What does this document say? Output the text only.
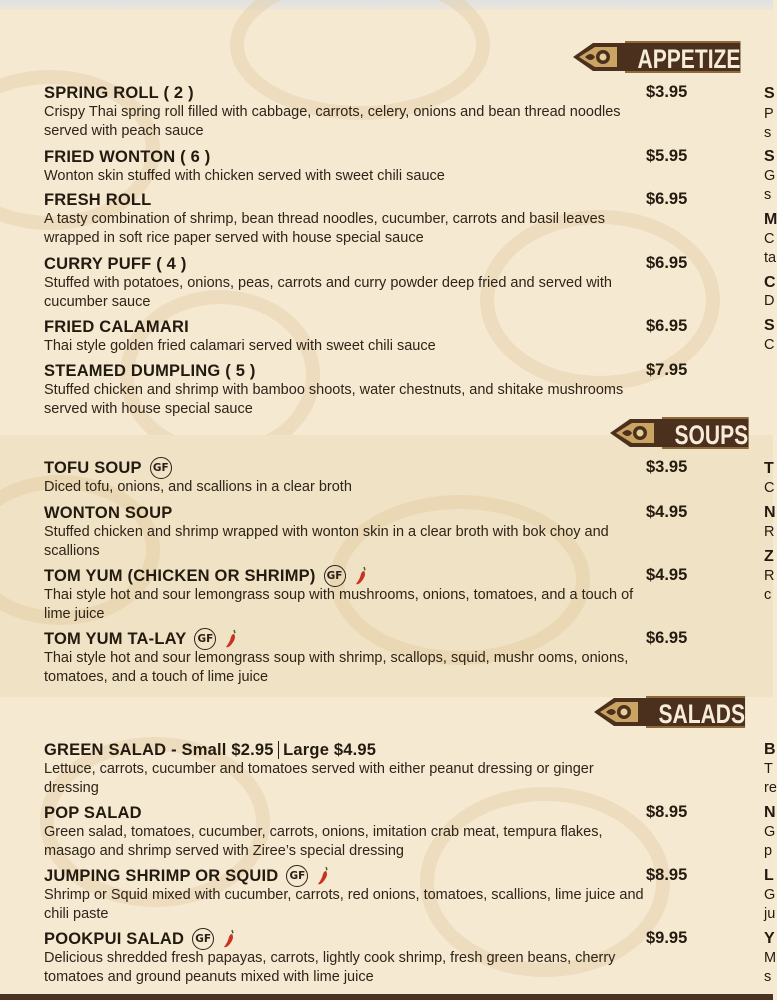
APPETIZE
SOUPS
SALADS
SPRING ROLL ( 2 )	$3.95
Crispy Thai spring roll filled with cabbage, carrots, celery, onions and bean thread noodles served with peach sauce
FRIED WONTON ( 6 )	$5.95
Wonton skin stuffed with chicken served with sweet chili sauce
FRESH ROLL	$6.95
A tasty combination of shrimp, bean thread noodles, cucumber, carrots and basil leaves wrapped in soft rice paper served with house special sauce
CURRY PUFF ( 4 )	$6.95
Stuffed with potatoes, onions, peas, carrots and curry powder deep fried and served with cucumber sauce
FRIED CALAMARI	$6.95
Thai style golden fried calamari served with sweet chili sauce
STEAMED DUMPLING ( 5 )	$7.95
Stuffed chicken and shrimp with bamboo shoots, water chestnuts, and shitake mushrooms served with house special sauce
TOFU SOUP GF	$3.95
Diced tofu, onions, and scallions in a clear broth
WONTON SOUP	$4.95
Stuffed chicken and shrimp wrapped with wonton skin in a clear broth with bok choy and scallions
TOM YUM (CHICKEN OR SHRIMP) GF	$4.95
Thai style hot and sour lemongrass soup with mushrooms, onions, tomatoes, and a touch of lime juice
TOM YUM TA-LAY GF	$6.95
Thai style hot and sour lemongrass soup with shrimp, scallops, squid, mushr ooms, onions, tomatoes, and a touch of lime juice
GREEN SALAD - Small $2.95 Large $4.95
Lettuce, carrots, cucumber and tomatoes served with either peanut dressing or ginger dressing
POP SALAD	$8.95
Green salad, tomatoes, cucumber, carrots, onions, imitation crab meat, tempura flakes, masago and shrimp served with Ziree’s special dressing
JUMPING SHRIMP OR SQUID GF	$8.95
Shrimp or Squid mixed with cucumber, carrots, red onions, tomatoes, scallions, lime juice and chili paste
POOKPUI SALAD GF	$9.95
Delicious shredded fresh papayas, carrots, lightly cook shrimp, fresh green beans, cherry tomatoes and ground peanuts mixed with lime juice
S
P
s
S
G
s
M
C
ta
C
D
S
C
T
C
N
R
Z
R
c
B
T
re
N
G
p
L
G
ju
Y
M
s
